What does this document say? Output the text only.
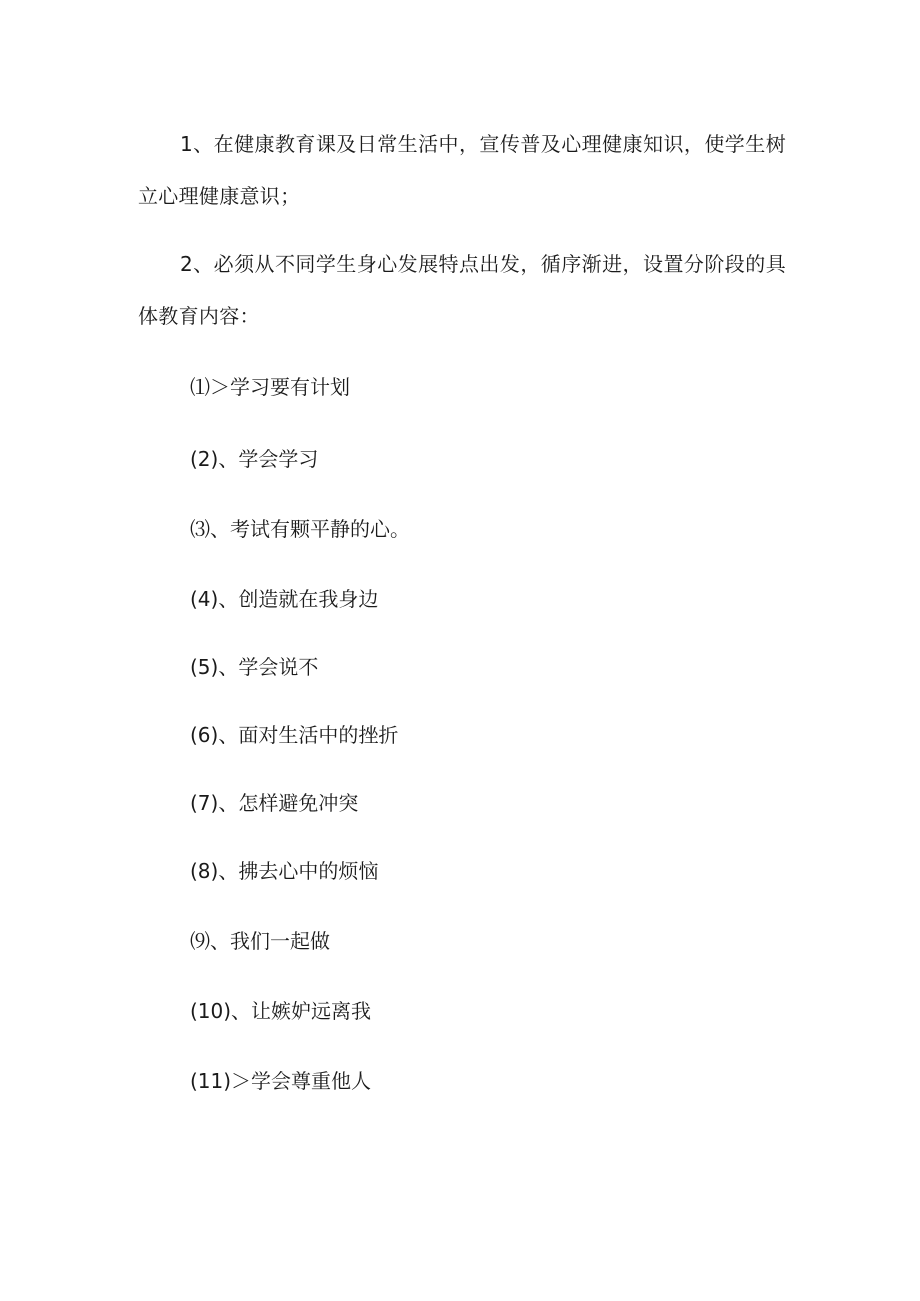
1、在健康教育课及日常生活中，宣传普及心理健康知识，使学生树立心理健康意识；

2、必须从不同学生身心发展特点出发，循序渐进，设置分阶段的具体教育内容：

⑴＞学习要有计划

(2)、学会学习

⑶、考试有颗平静的心。

(4)、创造就在我身边

(5)、学会说不

(6)、面对生活中的挫折

(7)、怎样避免冲突

(8)、拂去心中的烦恼

⑼、我们一起做

(10)、让嫉妒远离我

(11)＞学会尊重他人
